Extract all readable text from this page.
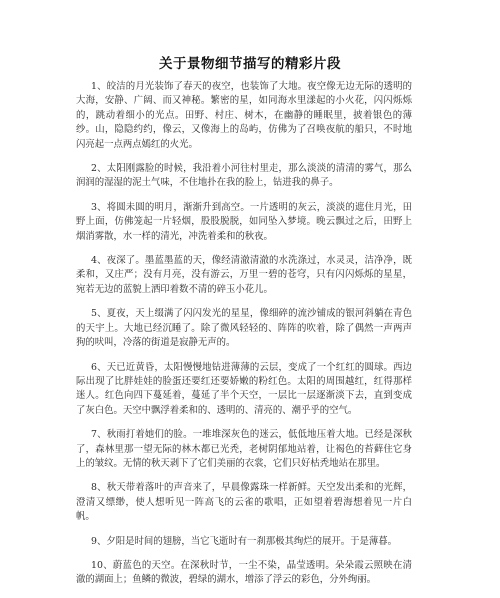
关于景物细节描写的精彩片段

1、皎洁的月光装饰了春天的夜空，也装饰了大地。夜空像无边无际的透明的大海，安静、广阔、而又神秘。繁密的星，如同海水里漾起的小火花，闪闪烁烁的，跳动着细小的光点。田野、村庄、树木，在幽静的睡眠里，披着银色的薄纱。山，隐隐约约，像云，又像海上的岛屿，仿佛为了召唤夜航的船只，不时地闪亮起一点两点嫣红的火光。

2、太阳刚露脸的时候，我沿着小河往村里走，那么淡淡的清清的雾气，那么润润的湿湿的泥土气味，不住地扑在我的脸上，钻进我的鼻子。

3、将圆未圆的明月，渐渐升到高空。一片透明的灰云，淡淡的遮住月光，田野上面，仿佛笼起一片轻烟，股股脱脱，如同坠入梦境。晚云飘过之后，田野上烟消雾散，水一样的清光，冲洗着柔和的秋夜。

4、夜深了。墨蓝墨蓝的天，像经清澈清澈的水洗涤过，水灵灵，洁净净，既柔和，又庄严；没有月亮，没有游云，万里一碧的苍穹，只有闪闪烁烁的星星，宛若无边的蓝貌上洒印着数不清的碎玉小花儿。

5、夏夜，天上缀满了闪闪发光的星星，像细碎的流沙铺成的银河斜躺在青色的天宇上。大地已经沉睡了。除了微风轻轻的、阵阵的吹着，除了偶然一声两声狗的吠叫，冷落的街道是寂静无声的。

6、天已近黄昏，太阳慢慢地钻进薄薄的云层，变成了一个红红的圆球。西边际出现了比胖娃娃的脸蛋还要红还要娇嫩的粉红色。太阳的周围越红，红得那样迷人。红色向四下蔓延着，蔓延了半个天空，一层比一层逐渐淡下去，直到变成了灰白色。天空中飘浮着柔和的、透明的、清亮的、潮乎乎的空气。

7、秋雨打着她们的脸。一堆堆深灰色的迷云，低低地压着大地。已经是深秋了，森林里那一望无际的林木都已光秃，老树阴郁地站着，让褐色的苔藓住它身上的皱纹。无情的秋天剥下了它们美丽的衣裳，它们只好枯秃地站在那里。

8、秋天带着落叶的声音来了，早晨像露珠一样新鲜。天空发出柔和的光辉，澄清又缥缈，使人想听见一阵高飞的云雀的歌唱，正如望着碧海想着见一片白帆。

9、夕阳是时间的翅膀，当它飞逝时有一刹那极其绚烂的展开。于是薄暮。

10、蔚蓝色的天空。在深秋时节，一尘不染，晶莹透明。朵朵霞云照映在清澈的湖面上；鱼鳞的微波，碧绿的湖水，增添了浮云的彩色，分外绚丽。
